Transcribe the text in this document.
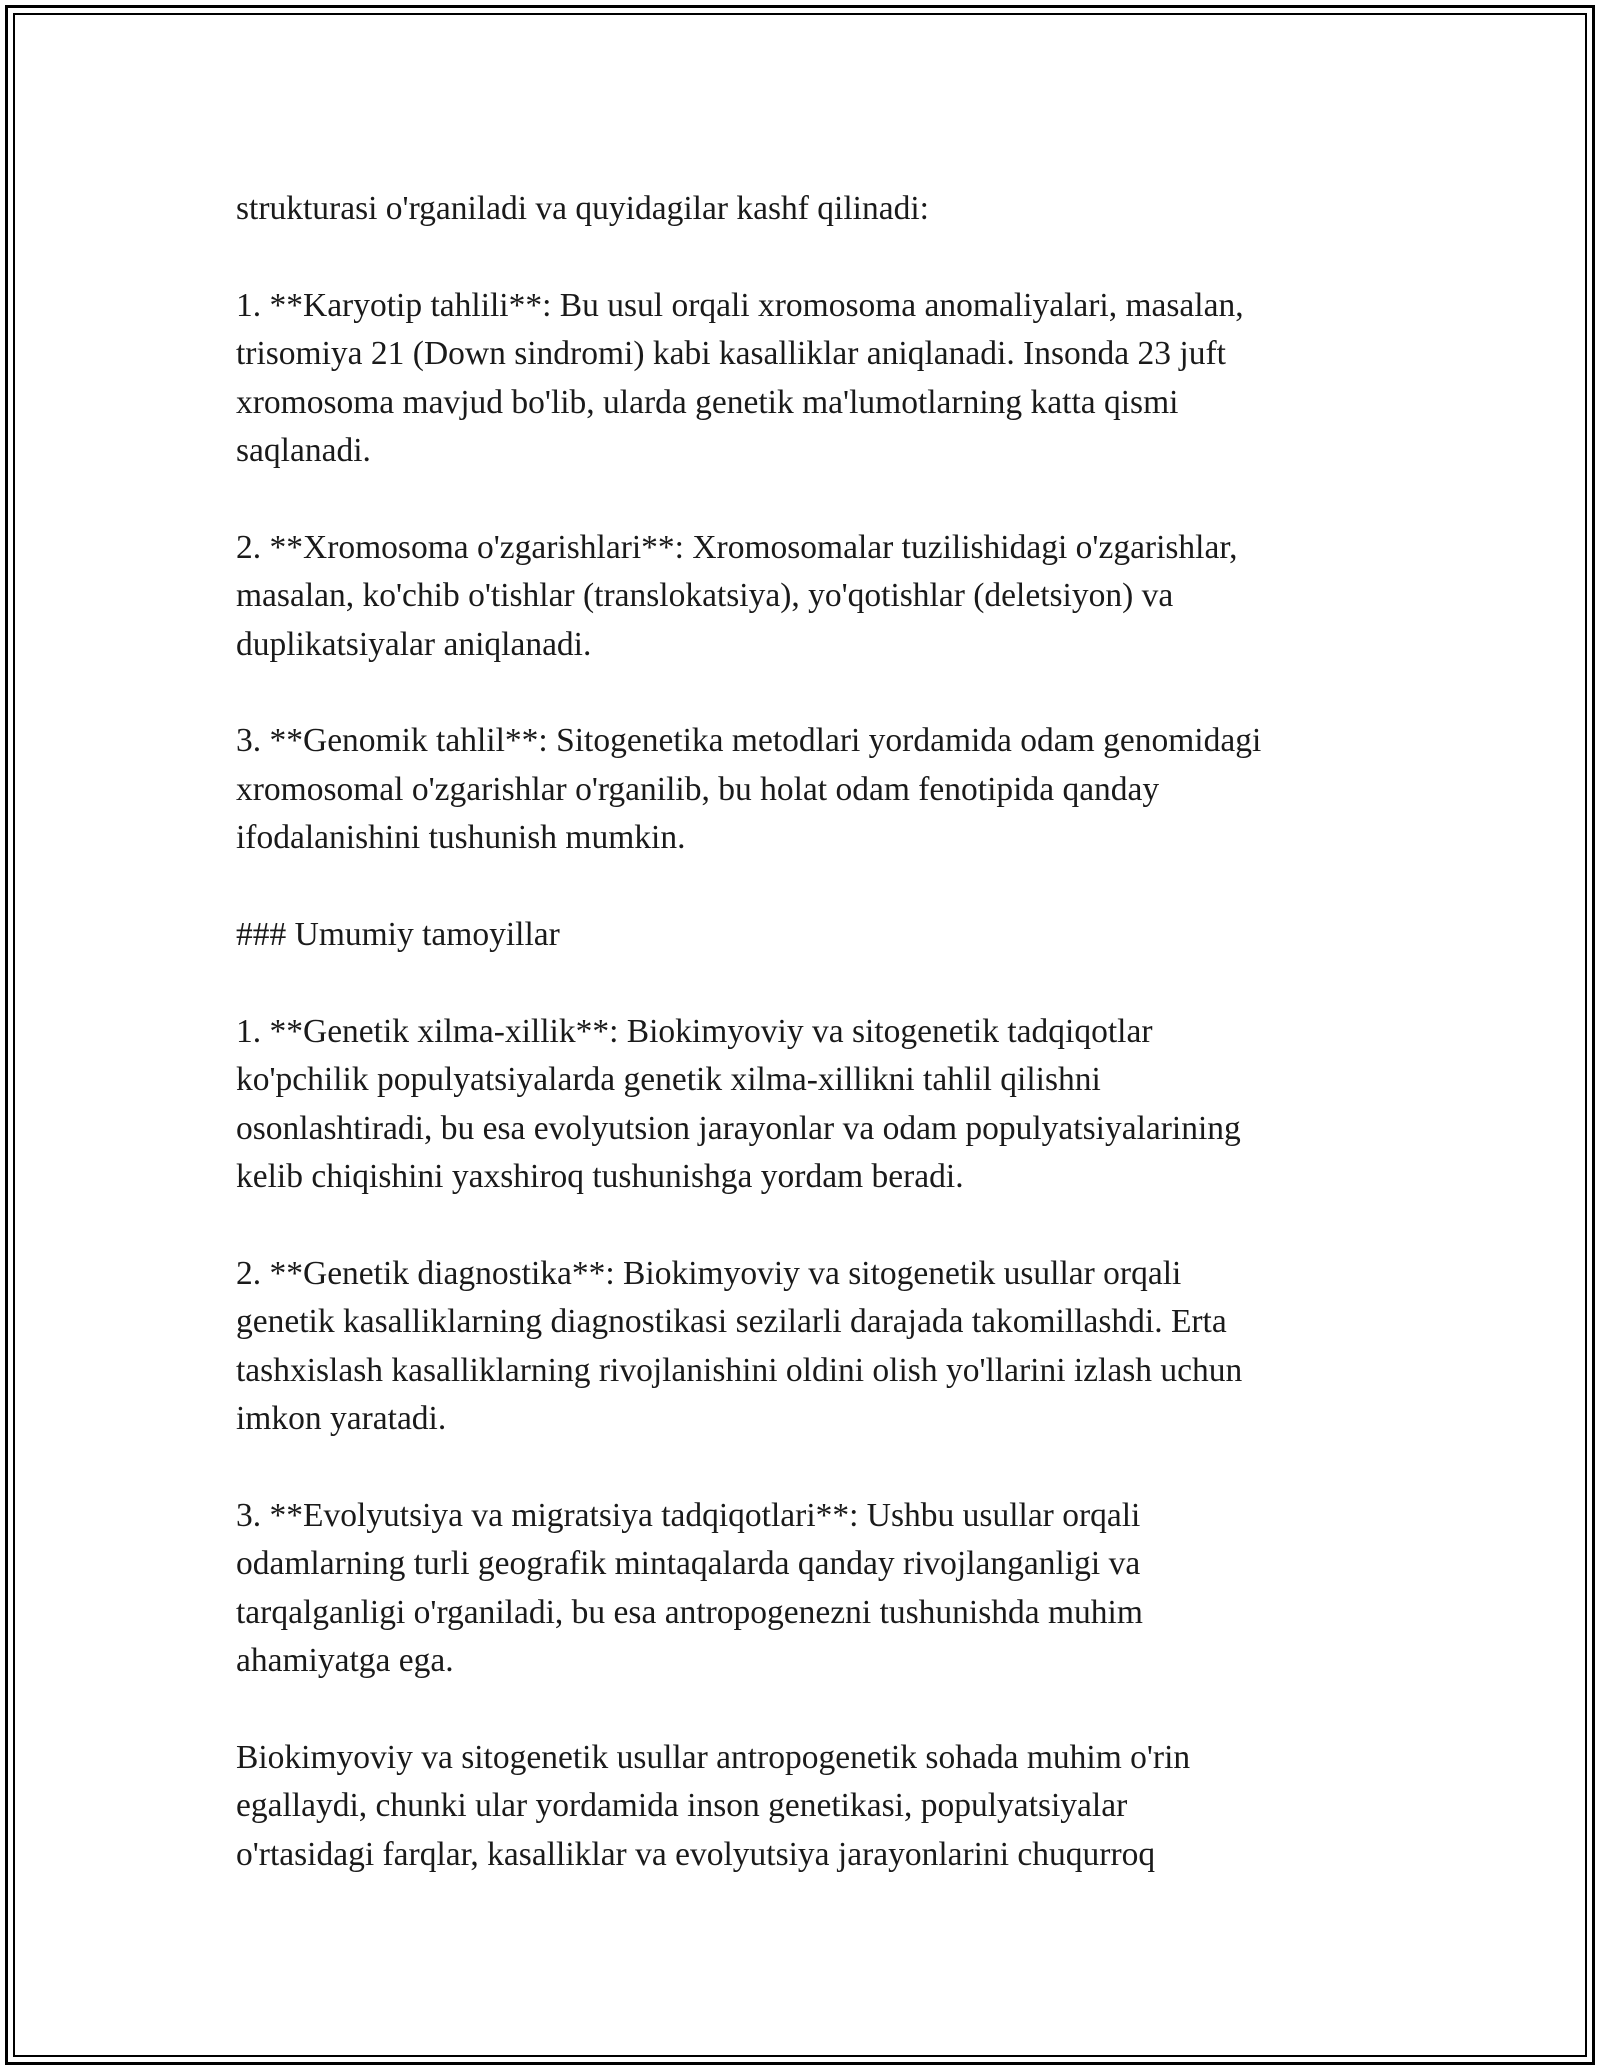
strukturasi o'rganiladi va quyidagilar kashf qilinadi:

1. **Karyotip tahlili**: Bu usul orqali xromosoma anomaliyalari, masalan,
trisomiya 21 (Down sindromi) kabi kasalliklar aniqlanadi. Insonda 23 juft
xromosoma mavjud bo'lib, ularda genetik ma'lumotlarning katta qismi
saqlanadi.

2. **Xromosoma o'zgarishlari**: Xromosomalar tuzilishidagi o'zgarishlar,
masalan, ko'chib o'tishlar (translokatsiya), yo'qotishlar (deletsiyon) va
duplikatsiyalar aniqlanadi.

3. **Genomik tahlil**: Sitogenetika metodlari yordamida odam genomidagi
xromosomal o'zgarishlar o'rganilib, bu holat odam fenotipida qanday
ifodalanishini tushunish mumkin.

### Umumiy tamoyillar

1. **Genetik xilma-xillik**: Biokimyoviy va sitogenetik tadqiqotlar
ko'pchilik populyatsiyalarda genetik xilma-xillikni tahlil qilishni
osonlashtiradi, bu esa evolyutsion jarayonlar va odam populyatsiyalarining
kelib chiqishini yaxshiroq tushunishga yordam beradi.

2. **Genetik diagnostika**: Biokimyoviy va sitogenetik usullar orqali
genetik kasalliklarning diagnostikasi sezilarli darajada takomillashdi. Erta
tashxislash kasalliklarning rivojlanishini oldini olish yo'llarini izlash uchun
imkon yaratadi.

3. **Evolyutsiya va migratsiya tadqiqotlari**: Ushbu usullar orqali
odamlarning turli geografik mintaqalarda qanday rivojlanganligi va
tarqalganligi o'rganiladi, bu esa antropogenezni tushunishda muhim
ahamiyatga ega.

Biokimyoviy va sitogenetik usullar antropogenetik sohada muhim o'rin
egallaydi, chunki ular yordamida inson genetikasi, populyatsiyalar
o'rtasidagi farqlar, kasalliklar va evolyutsiya jarayonlarini chuqurroq
